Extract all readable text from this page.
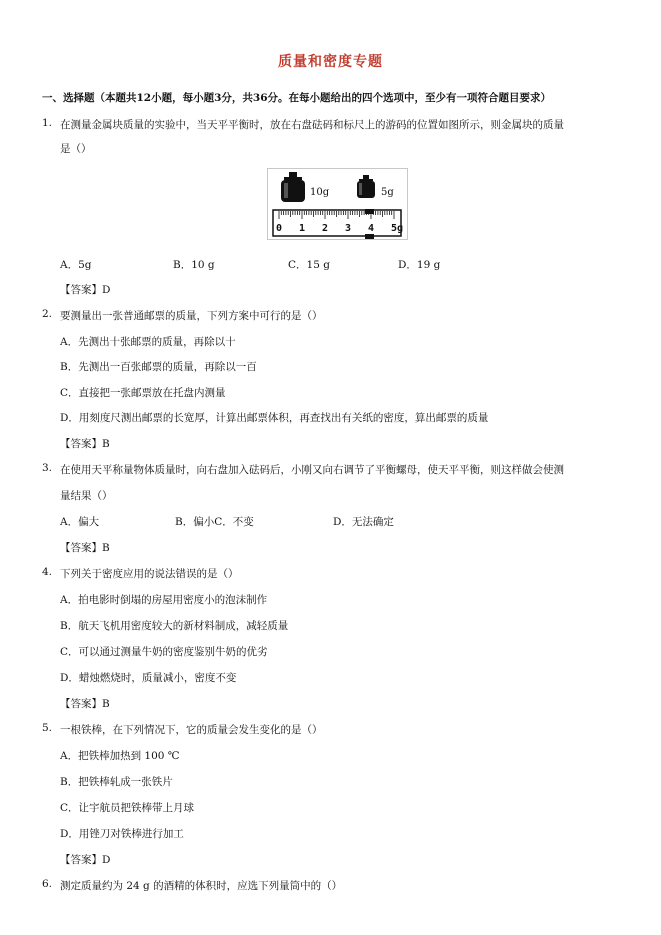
质量和密度专题
一、选择题（本题共12小题，每小题3分，共36分。在每小题给出的四个选项中，至少有一项符合题目要求）
1. 在测量金属块质量的实验中，当天平平衡时，放在右盘砝码和标尺上的游码的位置如图所示，则金属块的质量
是（）
10g	5g
0 1 2 3 4 5g
A．5g	B．10 g	C．15 g	D．19 g
【答案】D
2. 要测量出一张普通邮票的质量，下列方案中可行的是（）
A．先测出十张邮票的质量，再除以十
B．先测出一百张邮票的质量，再除以一百
C．直接把一张邮票放在托盘内测量
D．用刻度尺测出邮票的长宽厚，计算出邮票体积，再查找出有关纸的密度，算出邮票的质量
【答案】B
3. 在使用天平称量物体质量时，向右盘加入砝码后，小刚又向右调节了平衡螺母，使天平平衡，则这样做会使测
量结果（）
A．偏大	B．偏小C．不变	D．无法确定
【答案】B
4. 下列关于密度应用的说法错误的是（）
A．拍电影时倒塌的房屋用密度小的泡沫制作
B．航天飞机用密度较大的新材料制成，减轻质量
C．可以通过测量牛奶的密度鉴别牛奶的优劣
D．蜡烛燃烧时，质量减小，密度不变
【答案】B
5. 一根铁棒，在下列情况下，它的质量会发生变化的是（）
A．把铁棒加热到 100 ℃
B．把铁棒轧成一张铁片
C．让宇航员把铁棒带上月球
D．用锉刀对铁棒进行加工
【答案】D
6. 测定质量约为 24 g 的酒精的体积时，应选下列量筒中的（）
